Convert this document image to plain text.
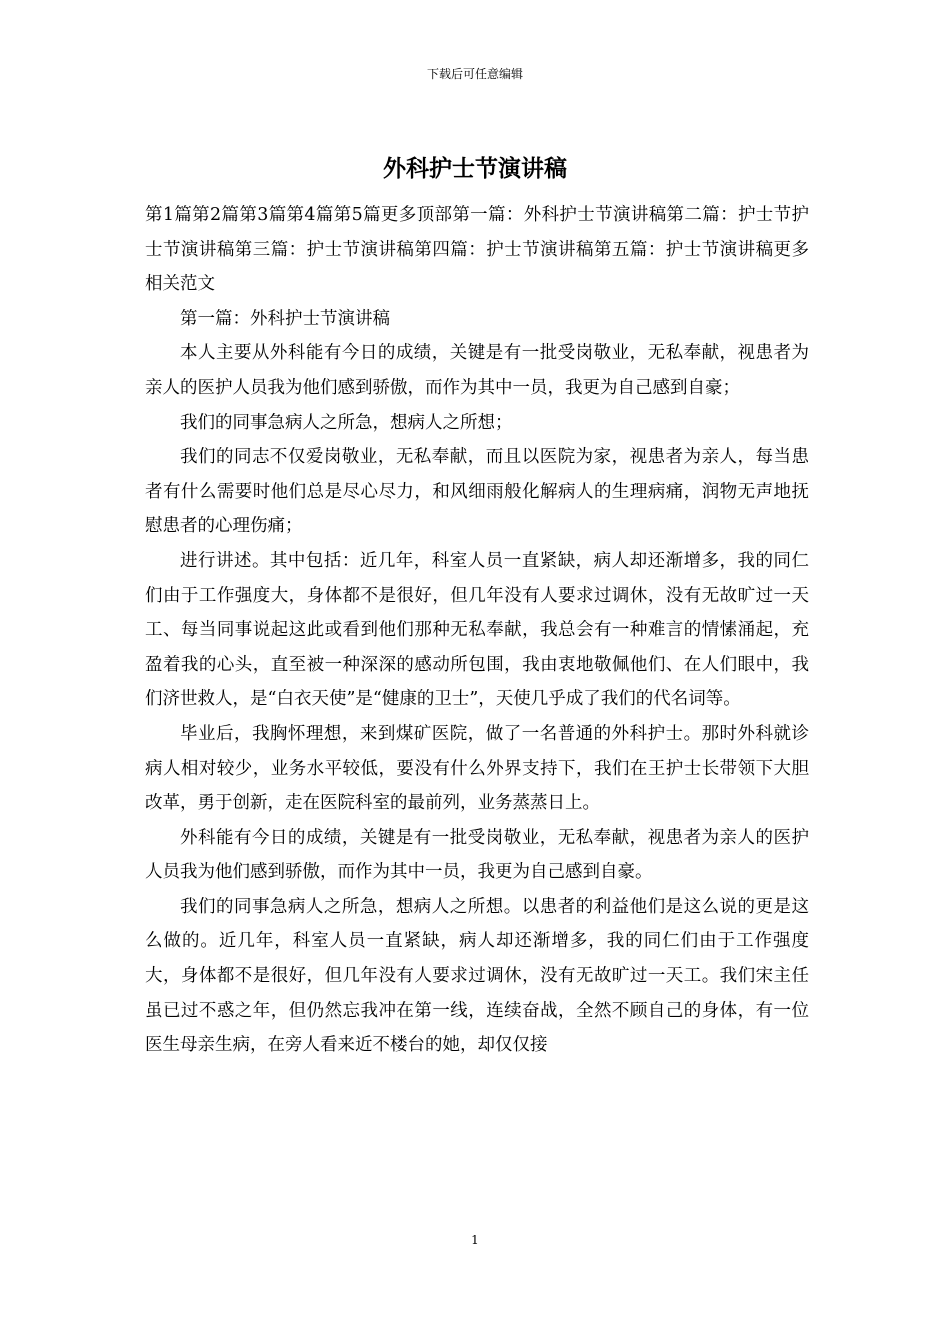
下载后可任意编辑
外科护士节演讲稿

第1篇第2篇第3篇第4篇第5篇更多顶部第一篇：外科护士节演讲稿第二篇：护士节护士节演讲稿第三篇：护士节演讲稿第四篇：护士节演讲稿第五篇：护士节演讲稿更多相关范文

第一篇：外科护士节演讲稿

本人主要从外科能有今日的成绩，关键是有一批受岗敬业，无私奉献，视患者为亲人的医护人员我为他们感到骄傲，而作为其中一员，我更为自己感到自豪；

我们的同事急病人之所急，想病人之所想；

我们的同志不仅爱岗敬业，无私奉献，而且以医院为家，视患者为亲人，每当患者有什么需要时他们总是尽心尽力，和风细雨般化解病人的生理病痛，润物无声地抚慰患者的心理伤痛；

进行讲述。其中包括：近几年，科室人员一直紧缺，病人却还渐增多，我的同仁们由于工作强度大，身体都不是很好，但几年没有人要求过调休，没有无故旷过一天工、每当同事说起这此或看到他们那种无私奉献，我总会有一种难言的情愫涌起，充盈着我的心头，直至被一种深深的感动所包围，我由衷地敬佩他们、在人们眼中，我们济世救人，是“白衣天使”是“健康的卫士”，天使几乎成了我们的代名词等。

毕业后，我胸怀理想，来到煤矿医院，做了一名普通的外科护士。那时外科就诊病人相对较少，业务水平较低，要没有什么外界支持下，我们在王护士长带领下大胆改革，勇于创新，走在医院科室的最前列，业务蒸蒸日上。

外科能有今日的成绩，关键是有一批受岗敬业，无私奉献，视患者为亲人的医护人员我为他们感到骄傲，而作为其中一员，我更为自己感到自豪。

我们的同事急病人之所急，想病人之所想。以患者的利益他们是这么说的更是这么做的。近几年，科室人员一直紧缺，病人却还渐增多，我的同仁们由于工作强度大，身体都不是很好，但几年没有人要求过调休，没有无故旷过一天工。我们宋主任虽已过不惑之年，但仍然忘我冲在第一线，连续奋战，全然不顾自己的身体，有一位医生母亲生病，在旁人看来近不楼台的她，却仅仅接

1
